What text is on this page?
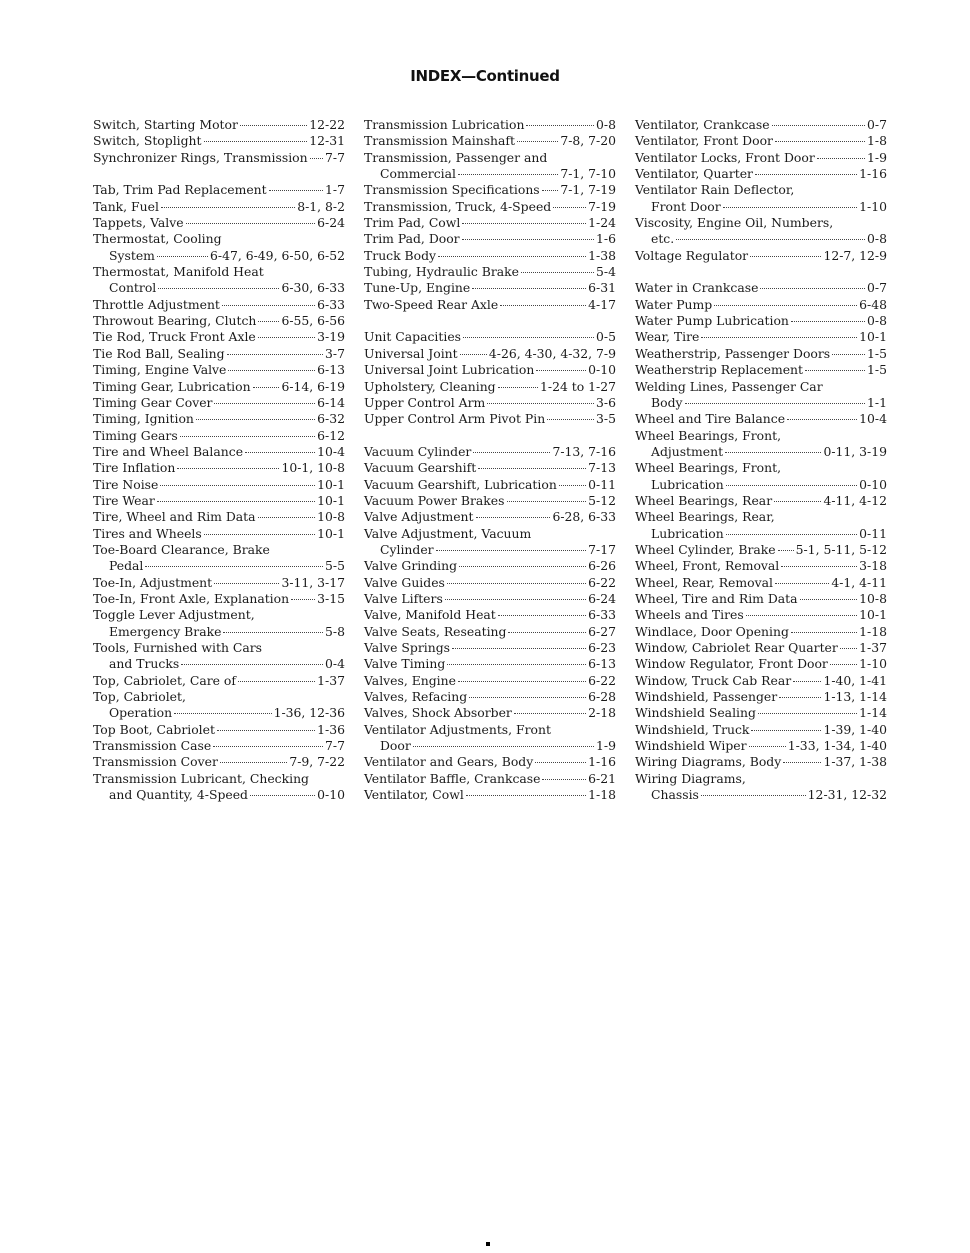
INDEX—Continued
Switch, Starting Motor	12-22
Switch, Stoplight	12-31
Synchronizer Rings, Transmission 7-7
Tab, Trim Pad Replacement	1-7
Tank, Fuel	8-1, 8-2
Tappets, Valve	6-24
Thermostat, Cooling
System	6-47, 6-49, 6-50, 6-52
Thermostat, Manifold Heat
Control	6-30, 6-33
Throttle Adjustment	6-33
Throwout Bearing, Clutch 6-55, 6-56
Tie Rod, Truck Front Axle	3-19
Tie Rod Ball, Sealing	3-7
Timing, Engine Valve	6-13
Timing Gear, Lubrication 6-14, 6-19
Timing Gear Cover	6-14
Timing, Ignition	6-32
Timing Gears	6-12
Tire and Wheel Balance	10-4
Tire Inflation	10-1, 10-8
Tire Noise	10-1
Tire Wear	10-1
Tire, Wheel and Rim Data	10-8
Tires and Wheels	10-1
Toe-Board Clearance, Brake
Pedal	5-5
Toe-In, Adjustment	3-11, 3-17
Toe-In, Front Axle, Explanation 3-15
Toggle Lever Adjustment,
Emergency Brake	5-8
Tools, Furnished with Cars
and Trucks	0-4
Top, Cabriolet, Care of	1-37
Top, Cabriolet,
Operation	1-36, 12-36
Top Boot, Cabriolet	1-36
Transmission Case	7-7
Transmission Cover	7-9, 7-22
Transmission Lubricant, Checking
and Quantity, 4-Speed	0-10
Transmission Lubrication	0-8
Transmission Mainshaft	7-8, 7-20
Transmission, Passenger and
Commercial	7-1, 7-10
Transmission Specifications 7-1, 7-19
Transmission, Truck, 4-Speed	7-19
Trim Pad, Cowl	1-24
Trim Pad, Door	1-6
Truck Body	1-38
Tubing, Hydraulic Brake	5-4
Tune-Up, Engine	6-31
Two-Speed Rear Axle	4-17
Unit Capacities	0-5
Universal Joint	4-26, 4-30, 4-32, 7-9
Universal Joint Lubrication	0-10
Upholstery, Cleaning	1-24 to 1-27
Upper Control Arm	3-6
Upper Control Arm Pivot Pin	3-5
Vacuum Cylinder	7-13, 7-16
Vacuum Gearshift	7-13
Vacuum Gearshift, Lubrication	0-11
Vacuum Power Brakes	5-12
Valve Adjustment	6-28, 6-33
Valve Adjustment, Vacuum
Cylinder	7-17
Valve Grinding	6-26
Valve Guides	6-22
Valve Lifters	6-24
Valve, Manifold Heat	6-33
Valve Seats, Reseating	6-27
Valve Springs	6-23
Valve Timing	6-13
Valves, Engine	6-22
Valves, Refacing	6-28
Valves, Shock Absorber	2-18
Ventilator Adjustments, Front
Door	1-9
Ventilator and Gears, Body	1-16
Ventilator Baffle, Crankcase	6-21
Ventilator, Cowl	1-18
Ventilator, Crankcase	0-7
Ventilator, Front Door	1-8
Ventilator Locks, Front Door	1-9
Ventilator, Quarter	1-16
Ventilator Rain Deflector,
Front Door	1-10
Viscosity, Engine Oil, Numbers,
etc.	0-8
Voltage Regulator	12-7, 12-9
Water in Crankcase	0-7
Water Pump	6-48
Water Pump Lubrication	0-8
Wear, Tire	10-1
Weatherstrip, Passenger Doors	1-5
Weatherstrip Replacement	1-5
Welding Lines, Passenger Car
Body	1-1
Wheel and Tire Balance	10-4
Wheel Bearings, Front,
Adjustment	0-11, 3-19
Wheel Bearings, Front,
Lubrication	0-10
Wheel Bearings, Rear	4-11, 4-12
Wheel Bearings, Rear,
Lubrication	0-11
Wheel Cylinder, Brake 5-1, 5-11, 5-12
Wheel, Front, Removal	3-18
Wheel, Rear, Removal	4-1, 4-11
Wheel, Tire and Rim Data	10-8
Wheels and Tires	10-1
Windlace, Door Opening	1-18
Window, Cabriolet Rear Quarter 1-37
Window Regulator, Front Door	1-10
Window, Truck Cab Rear	1-40, 1-41
Windshield, Passenger	1-13, 1-14
Windshield Sealing	1-14
Windshield, Truck	1-39, 1-40
Windshield Wiper	1-33, 1-34, 1-40
Wiring Diagrams, Body	1-37, 1-38
Wiring Diagrams,
Chassis	12-31, 12-32
